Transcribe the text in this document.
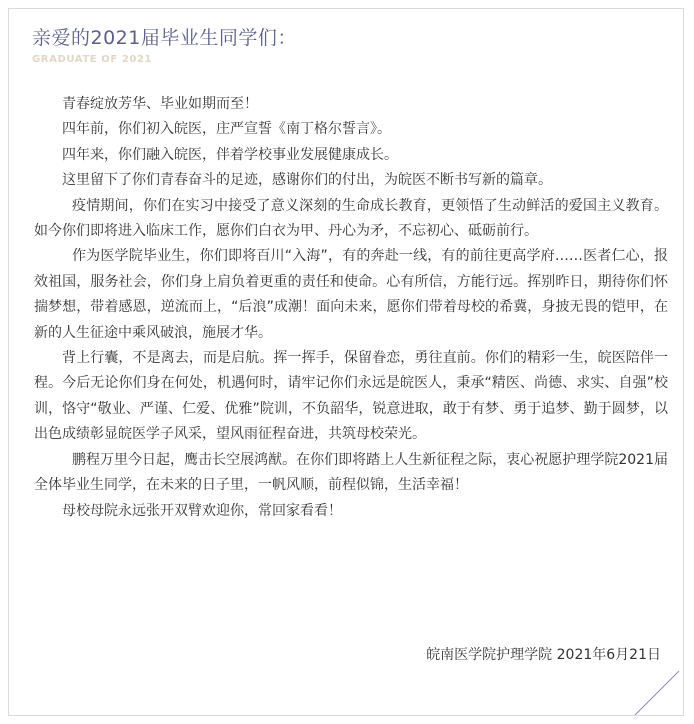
亲爱的2021届毕业生同学们：
GRADUATE OF 2021

青春绽放芳华、毕业如期而至！

四年前，你们初入皖医，庄严宣誓《南丁格尔誓言》。

四年来，你们融入皖医，伴着学校事业发展健康成长。

这里留下了你们青春奋斗的足迹，感谢你们的付出，为皖医不断书写新的篇章。

疫情期间，你们在实习中接受了意义深刻的生命成长教育，更领悟了生动鲜活的爱国主义教育。如今你们即将进入临床工作，愿你们白衣为甲、丹心为矛，不忘初心、砥砺前行。

作为医学院毕业生，你们即将百川“入海”，有的奔赴一线，有的前往更高学府……医者仁心，报效祖国，服务社会，你们身上肩负着更重的责任和使命。心有所信，方能行远。挥别昨日，期待你们怀揣梦想，带着感恩，逆流而上，“后浪”成潮！面向未来，愿你们带着母校的希冀，身披无畏的铠甲，在新的人生征途中乘风破浪，施展才华。

背上行囊，不是离去，而是启航。挥一挥手，保留眷恋，勇往直前。你们的精彩一生，皖医陪伴一程。今后无论你们身在何处，机遇何时，请牢记你们永远是皖医人，秉承“精医、尚德、求实、自强”校训，恪守“敬业、严谨、仁爱、优雅”院训，不负韶华，锐意进取，敢于有梦、勇于追梦、勤于圆梦，以出色成绩彰显皖医学子风采，望风雨征程奋进，共筑母校荣光。

鹏程万里今日起，鹰击长空展鸿猷。在你们即将踏上人生新征程之际，衷心祝愿护理学院2021届全体毕业生同学，在未来的日子里，一帆风顺，前程似锦，生活幸福！

母校母院永远张开双臂欢迎你，常回家看看！

皖南医学院护理学院 2021年6月21日
